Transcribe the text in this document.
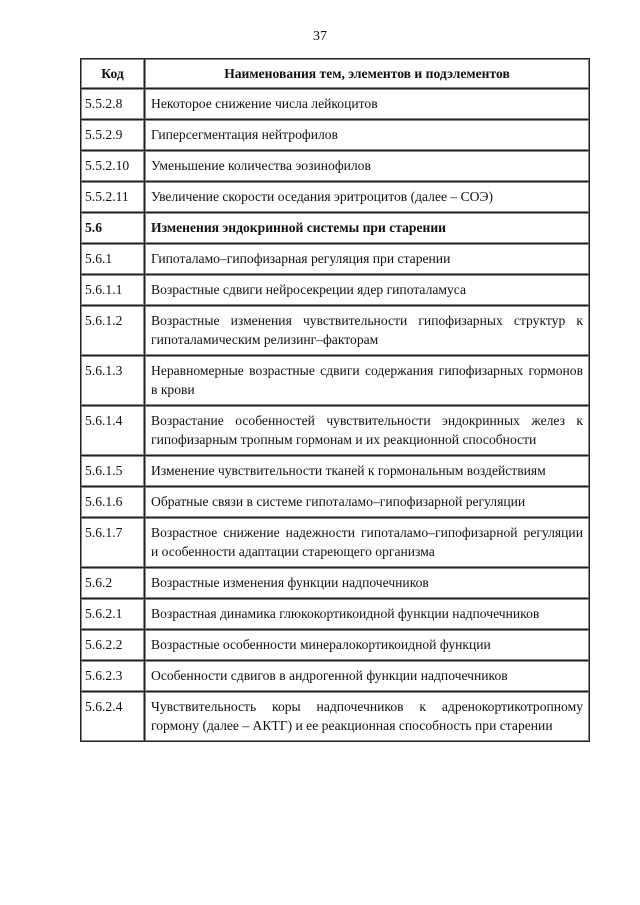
37
Код	Наименования тем, элементов и подэлементов
5.5.2.8	Некоторое снижение числа лейкоцитов
5.5.2.9	Гиперсегментация нейтрофилов
5.5.2.10	Уменьшение количества эозинофилов
5.5.2.11	Увеличение скорости оседания эритроцитов (далее – СОЭ)
5.6	Изменения эндокринной системы при старении
5.6.1	Гипоталамо–гипофизарная регуляция при старении
5.6.1.1	Возрастные сдвиги нейросекреции ядер гипоталамуса
5.6.1.2	Возрастные изменения чувствительности гипофизарных структур к гипоталамическим релизинг–факторам
5.6.1.3	Неравномерные возрастные сдвиги содержания гипофизарных гормонов в крови
5.6.1.4	Возрастание особенностей чувствительности эндокринных желез к гипофизарным тропным гормонам и их реакционной способности
5.6.1.5	Изменение чувствительности тканей к гормональным воздействиям
5.6.1.6	Обратные связи в системе гипоталамо–гипофизарной регуляции
5.6.1.7	Возрастное снижение надежности гипоталамо–гипофизарной регуляции и особенности адаптации стареющего организма
5.6.2	Возрастные изменения функции надпочечников
5.6.2.1	Возрастная динамика глюкокортикоидной функции надпочечников
5.6.2.2	Возрастные особенности минералокортикоидной функции
5.6.2.3	Особенности сдвигов в андрогенной функции надпочечников
5.6.2.4	Чувствительность коры надпочечников к адренокортикотропному гормону (далее – АКТГ) и ее реакционная способность при старении
